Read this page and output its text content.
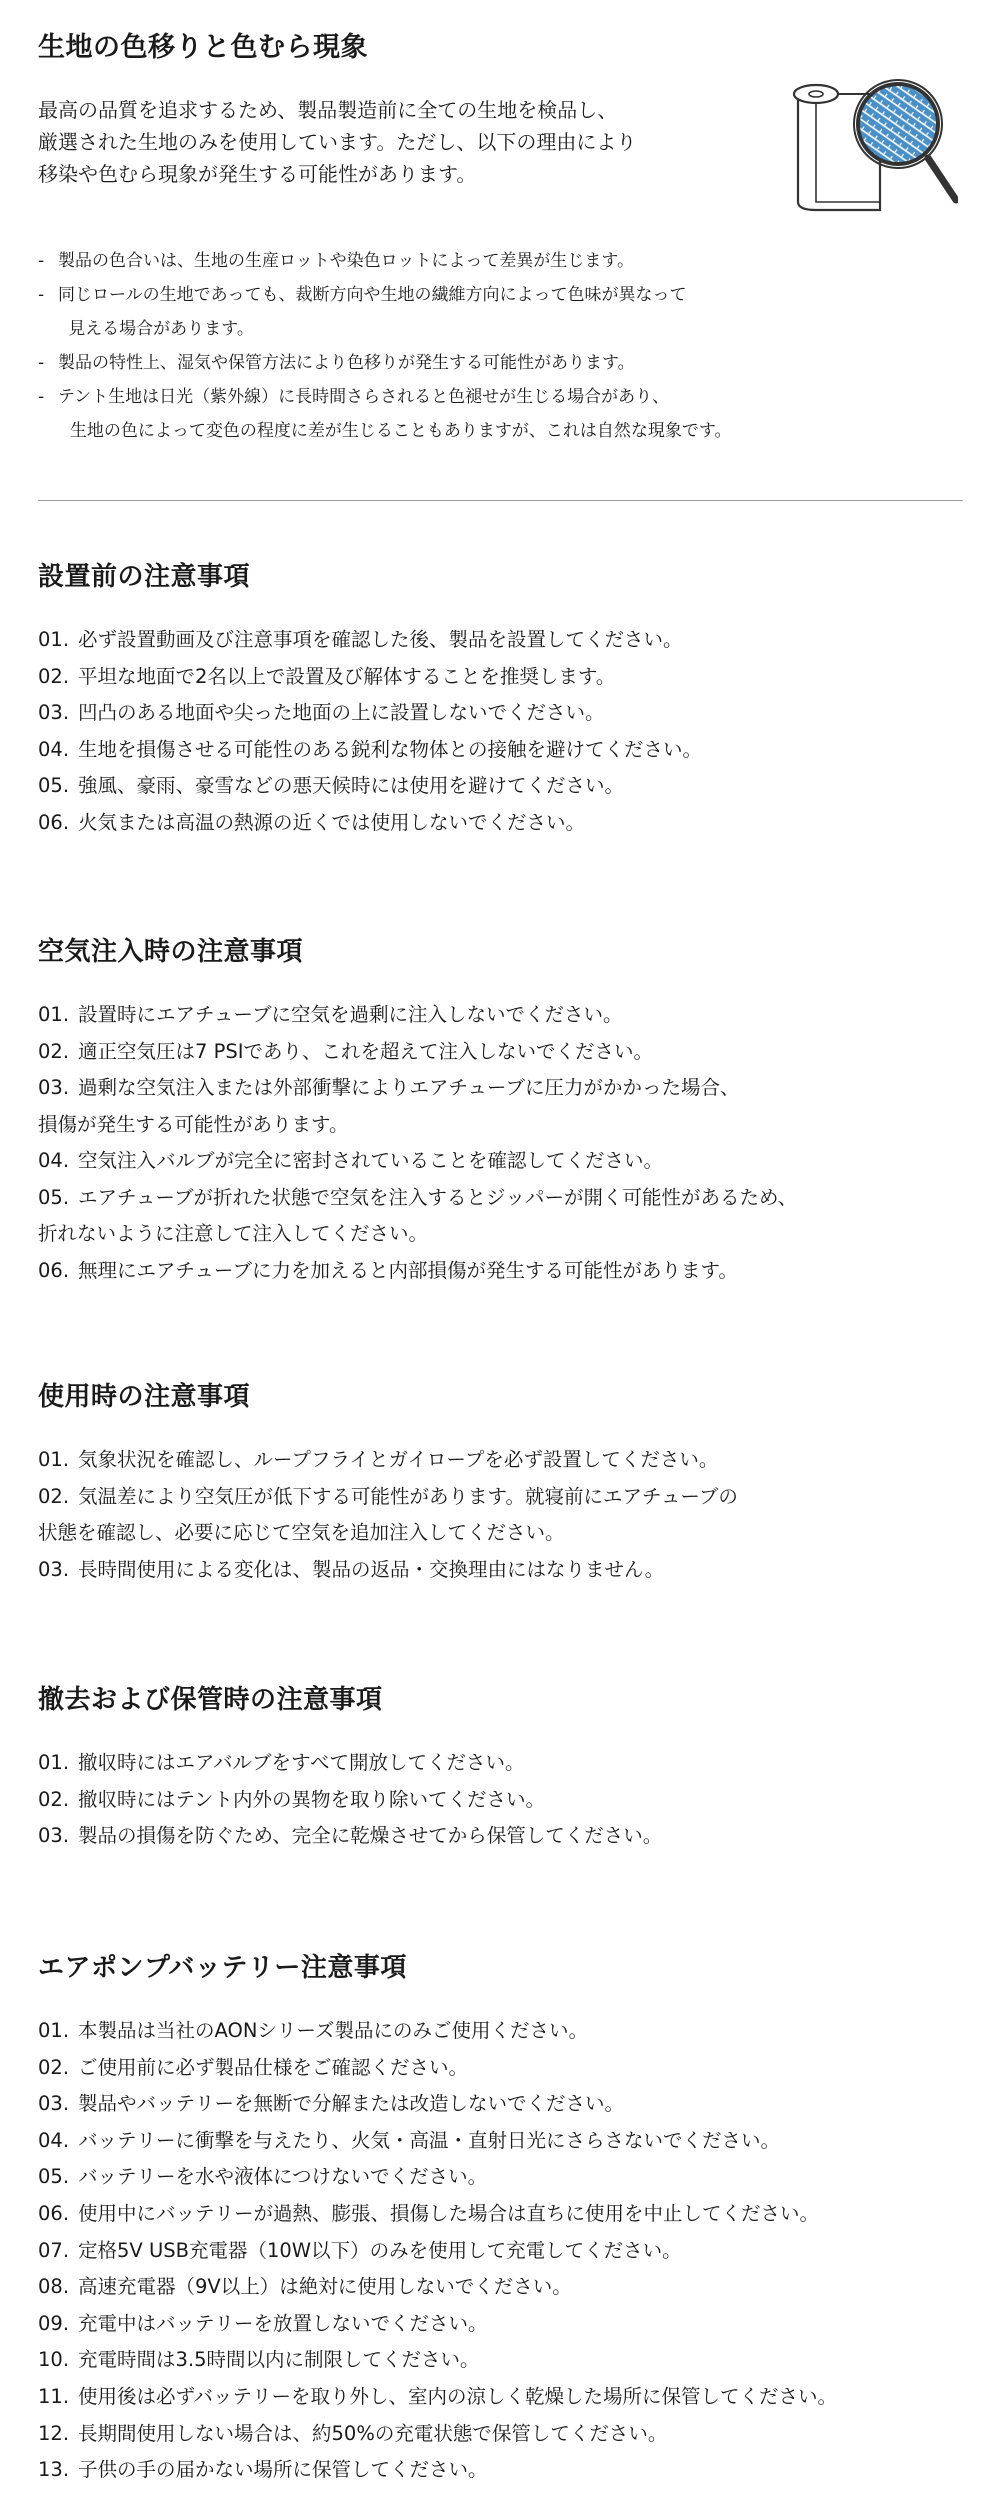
生地の色移りと色むら現象
最高の品質を追求するため、製品製造前に全ての生地を検品し、
厳選された生地のみを使用しています。ただし、以下の理由により
移染や色むら現象が発生する可能性があります。
- 製品の色合いは、生地の生産ロットや染色ロットによって差異が生じます。
- 同じロールの生地であっても、裁断方向や生地の繊維方向によって色味が異なって
見える場合があります。
- 製品の特性上、湿気や保管方法により色移りが発生する可能性があります。
- テント生地は日光（紫外線）に長時間さらされると色褪せが生じる場合があり、
生地の色によって変色の程度に差が生じることもありますが、これは自然な現象です。
設置前の注意事項
01. 必ず設置動画及び注意事項を確認した後、製品を設置してください。
02. 平坦な地面で2名以上で設置及び解体することを推奨します。
03. 凹凸のある地面や尖った地面の上に設置しないでください。
04. 生地を損傷させる可能性のある鋭利な物体との接触を避けてください。
05. 強風、豪雨、豪雪などの悪天候時には使用を避けてください。
06. 火気または高温の熱源の近くでは使用しないでください。
空気注入時の注意事項
01. 設置時にエアチューブに空気を過剰に注入しないでください。
02. 適正空気圧は7 PSIであり、これを超えて注入しないでください。
03. 過剰な空気注入または外部衝撃によりエアチューブに圧力がかかった場合、
損傷が発生する可能性があります。
04. 空気注入バルブが完全に密封されていることを確認してください。
05. エアチューブが折れた状態で空気を注入するとジッパーが開く可能性があるため、
折れないように注意して注入してください。
06. 無理にエアチューブに力を加えると内部損傷が発生する可能性があります。
使用時の注意事項
01. 気象状況を確認し、ループフライとガイロープを必ず設置してください。
02. 気温差により空気圧が低下する可能性があります。就寝前にエアチューブの
状態を確認し、必要に応じて空気を追加注入してください。
03. 長時間使用による変化は、製品の返品・交換理由にはなりません。
撤去および保管時の注意事項
01. 撤収時にはエアバルブをすべて開放してください。
02. 撤収時にはテント内外の異物を取り除いてください。
03. 製品の損傷を防ぐため、完全に乾燥させてから保管してください。
エアポンプバッテリー注意事項
01. 本製品は当社のAONシリーズ製品にのみご使用ください。
02. ご使用前に必ず製品仕様をご確認ください。
03. 製品やバッテリーを無断で分解または改造しないでください。
04. バッテリーに衝撃を与えたり、火気・高温・直射日光にさらさないでください。
05. バッテリーを水や液体につけないでください。
06. 使用中にバッテリーが過熱、膨張、損傷した場合は直ちに使用を中止してください。
07. 定格5V USB充電器（10W以下）のみを使用して充電してください。
08. 高速充電器（9V以上）は絶対に使用しないでください。
09. 充電中はバッテリーを放置しないでください。
10. 充電時間は3.5時間以内に制限してください。
11. 使用後は必ずバッテリーを取り外し、室内の涼しく乾燥した場所に保管してください。
12. 長期間使用しない場合は、約50%の充電状態で保管してください。
13. 子供の手の届かない場所に保管してください。
